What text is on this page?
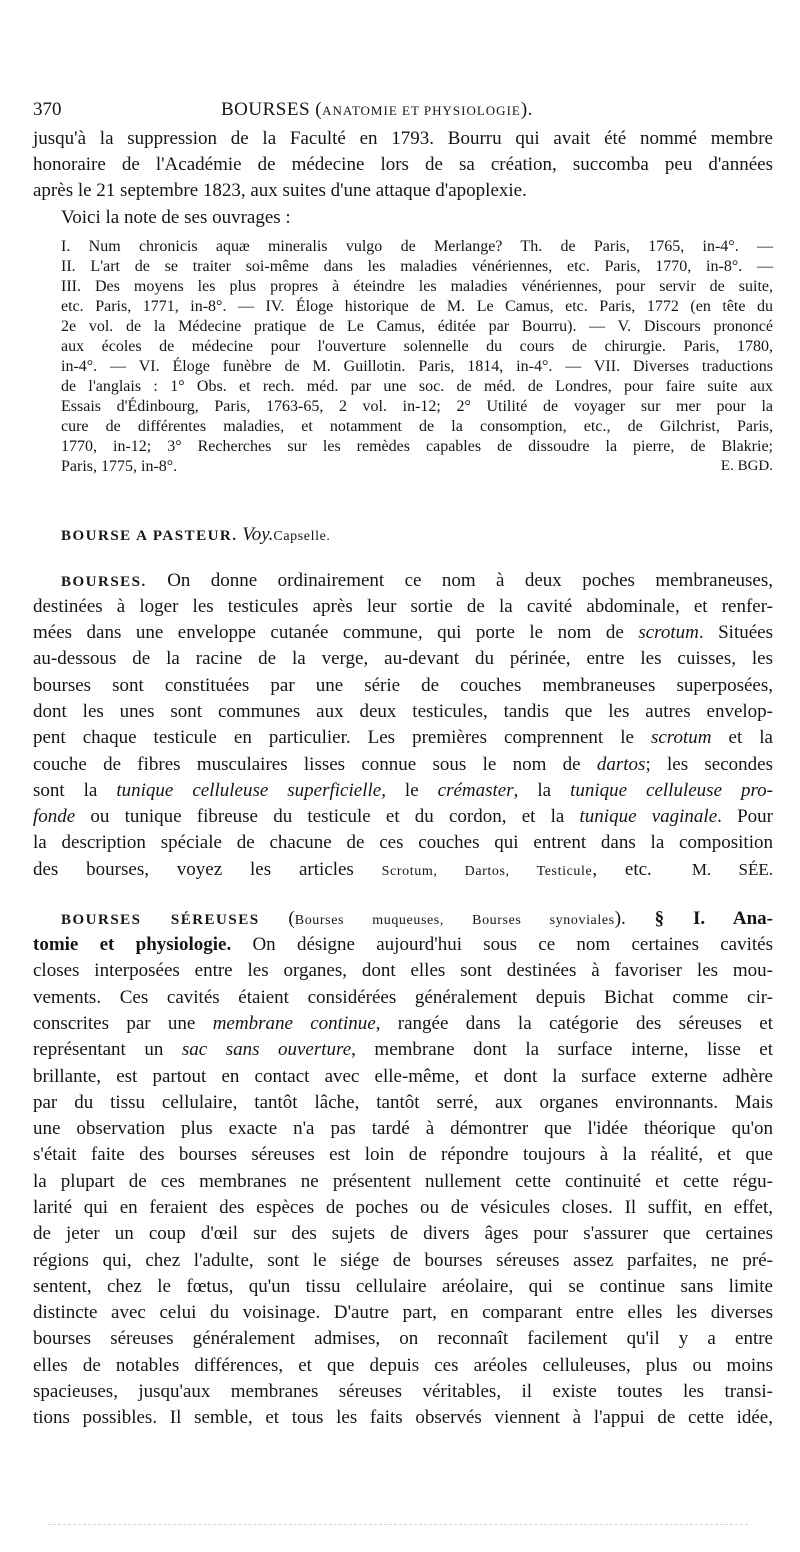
370	BOURSES (ANATOMIE ET PHYSIOLOGIE).

jusqu'à la suppression de la Faculté en 1793. Bourru qui avait été nommé membre

honoraire de l'Académie de médecine lors de sa création, succomba peu d'années

après le 21 septembre 1823, aux suites d'une attaque d'apoplexie.

Voici la note de ses ouvrages :

I. Num chronicis aquæ mineralis vulgo de Merlange? Th. de Paris, 1765, in-4°. —

II. L'art de se traiter soi-même dans les maladies vénériennes, etc. Paris, 1770, in-8°. —

III. Des moyens les plus propres à éteindre les maladies vénériennes, pour servir de suite,

etc. Paris, 1771, in-8°. — IV. Éloge historique de M. Le Camus, etc. Paris, 1772 (en tête du

2e vol. de la Médecine pratique de Le Camus, éditée par Bourru). — V. Discours prononcé

aux écoles de médecine pour l'ouverture solennelle du cours de chirurgie. Paris, 1780,

in-4°. — VI. Éloge funèbre de M. Guillotin. Paris, 1814, in-4°. — VII. Diverses traductions

de l'anglais : 1° Obs. et rech. méd. par une soc. de méd. de Londres, pour faire suite aux

Essais d'Édinbourg, Paris, 1763-65, 2 vol. in-12; 2° Utilité de voyager sur mer pour la

cure de différentes maladies, et notamment de la consomption, etc., de Gilchrist, Paris,

1770, in-12; 3° Recherches sur les remèdes capables de dissoudre la pierre, de Blakrie;

Paris, 1775, in-8°.	E. BGD.

BOURSE A PASTEUR. Voy.Capselle.

BOURSES. On donne ordinairement ce nom à deux poches membraneuses,

destinées à loger les testicules après leur sortie de la cavité abdominale, et renfer-

mées dans une enveloppe cutanée commune, qui porte le nom de scrotum. Situées

au-dessous de la racine de la verge, au-devant du périnée, entre les cuisses, les

bourses sont constituées par une série de couches membraneuses superposées,

dont les unes sont communes aux deux testicules, tandis que les autres envelop-

pent chaque testicule en particulier. Les premières comprennent le scrotum et la

couche de fibres musculaires lisses connue sous le nom de dartos; les secondes

sont la tunique celluleuse superficielle, le crémaster, la tunique celluleuse pro-

fonde ou tunique fibreuse du testicule et du cordon, et la tunique vaginale. Pour

la description spéciale de chacune de ces couches qui entrent dans la composition

des bourses, voyez les articles Scrotum, Dartos, Testicule, etc. M. SÉE.

BOURSES SÉREUSES (Bourses muqueuses, Bourses synoviales). § I. Ana-

tomie et physiologie. On désigne aujourd'hui sous ce nom certaines cavités

closes interposées entre les organes, dont elles sont destinées à favoriser les mou-

vements. Ces cavités étaient considérées généralement depuis Bichat comme cir-

conscrites par une membrane continue, rangée dans la catégorie des séreuses et

représentant un sac sans ouverture, membrane dont la surface interne, lisse et

brillante, est partout en contact avec elle-même, et dont la surface externe adhère

par du tissu cellulaire, tantôt lâche, tantôt serré, aux organes environnants. Mais

une observation plus exacte n'a pas tardé à démontrer que l'idée théorique qu'on

s'était faite des bourses séreuses est loin de répondre toujours à la réalité, et que

la plupart de ces membranes ne présentent nullement cette continuité et cette régu-

larité qui en feraient des espèces de poches ou de vésicules closes. Il suffit, en effet,

de jeter un coup d'œil sur des sujets de divers âges pour s'assurer que certaines

régions qui, chez l'adulte, sont le siége de bourses séreuses assez parfaites, ne pré-

sentent, chez le fœtus, qu'un tissu cellulaire aréolaire, qui se continue sans limite

distincte avec celui du voisinage. D'autre part, en comparant entre elles les diverses

bourses séreuses généralement admises, on reconnaît facilement qu'il y a entre

elles de notables différences, et que depuis ces aréoles celluleuses, plus ou moins

spacieuses, jusqu'aux membranes séreuses véritables, il existe toutes les transi-

tions possibles. Il semble, et tous les faits observés viennent à l'appui de cette idée,
